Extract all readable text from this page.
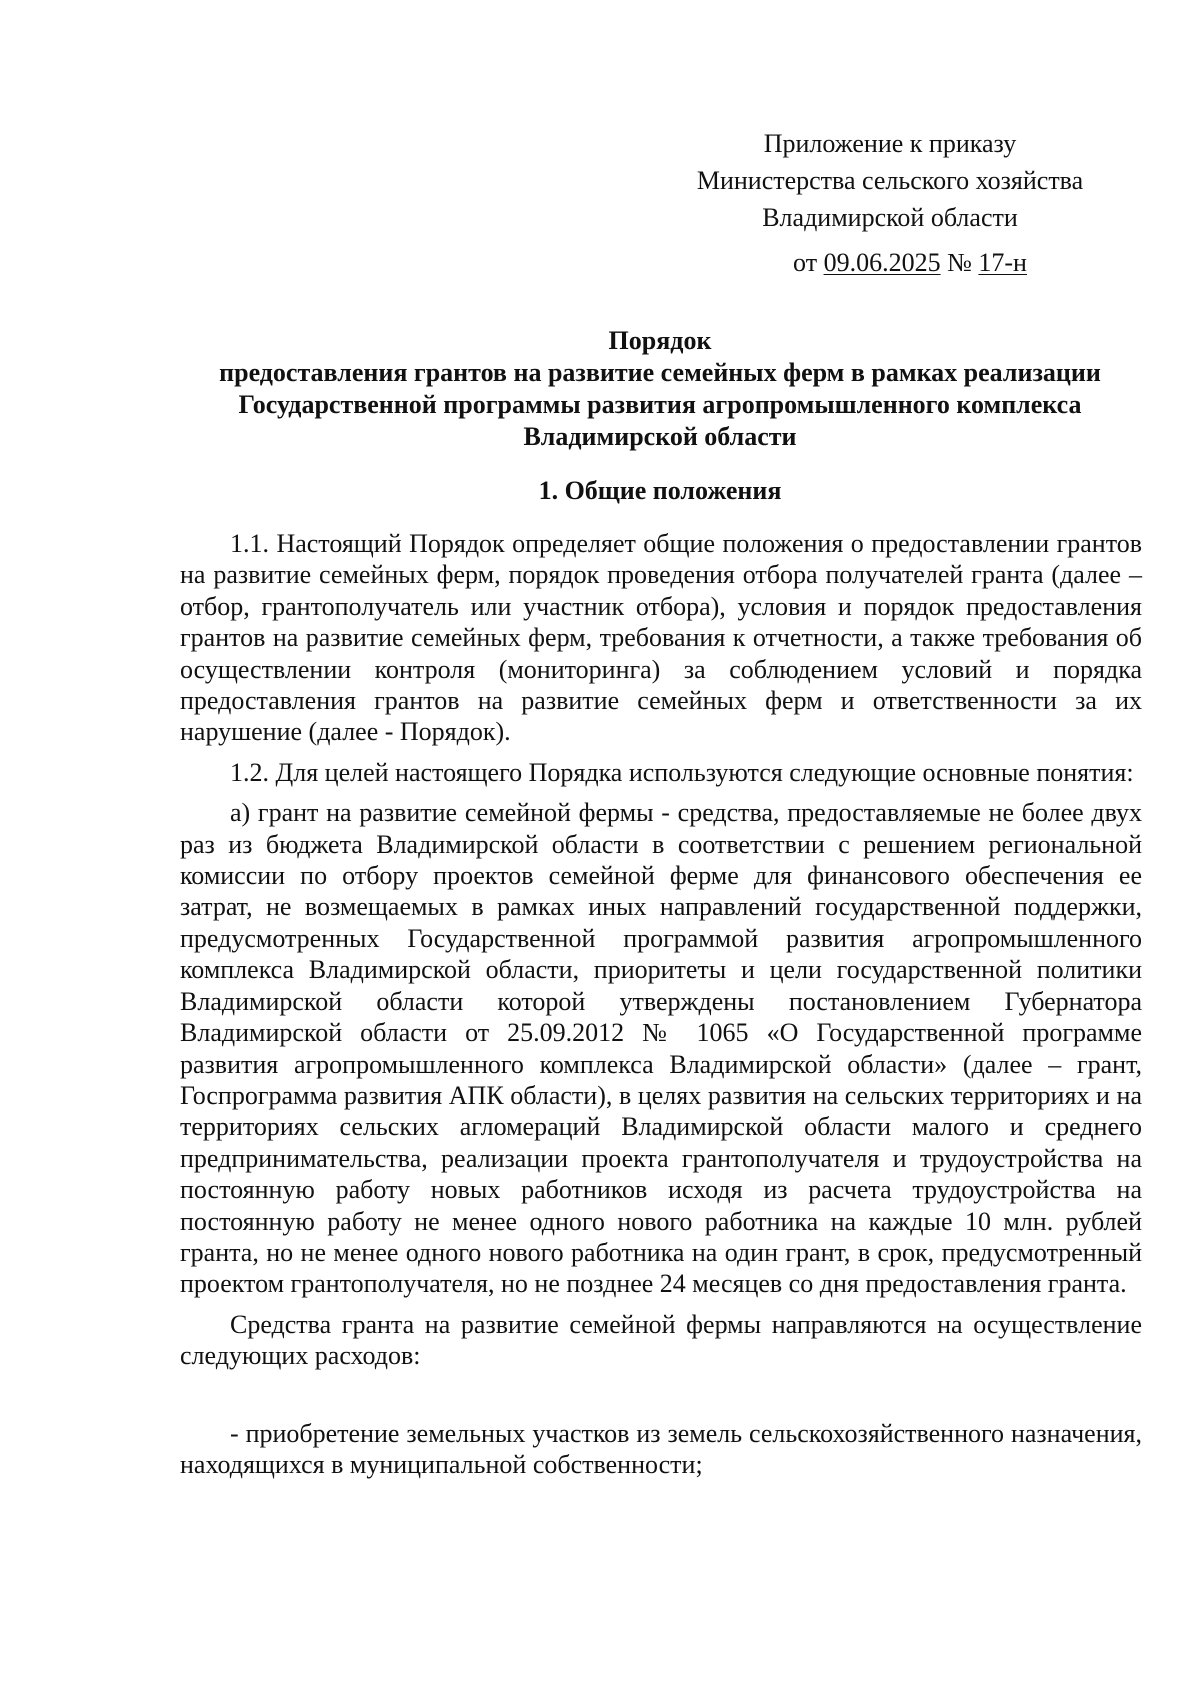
Приложение к приказу
Министерства сельского хозяйства
Владимирской области
от 09.06.2025 № 17-н
Порядок
предоставления грантов на развитие семейных ферм в рамках реализации
Государственной программы развития агропромышленного комплекса
Владимирской области
1. Общие положения

1.1. Настоящий Порядок определяет общие положения о предоставлении грантов на развитие семейных ферм, порядок проведения отбора получателей гранта (далее – отбор, грантополучатель или участник отбора), условия и порядок предоставления грантов на развитие семейных ферм, требования к отчетности, а также требования об осуществлении контроля (мониторинга) за соблюдением условий и порядка предоставления грантов на развитие семейных ферм и ответственности за их нарушение (далее - Порядок).

1.2. Для целей настоящего Порядка используются следующие основные понятия:

а) грант на развитие семейной фермы - средства, предоставляемые не более двух раз из бюджета Владимирской области в соответствии с решением региональной комиссии по отбору проектов семейной ферме для финансового обеспечения ее затрат, не возмещаемых в рамках иных направлений государственной поддержки, предусмотренных Государственной программой развития агропромышленного комплекса Владимирской области, приоритеты и цели государственной политики Владимирской области которой утверждены постановлением Губернатора Владимирской области от 25.09.2012 № 1065 «О Государственной программе развития агропромышленного комплекса Владимирской области» (далее – грант, Госпрограмма развития АПК области), в целях развития на сельских территориях и на территориях сельских агломераций Владимирской области малого и среднего предпринимательства, реализации проекта грантополучателя и трудоустройства на постоянную работу новых работников исходя из расчета трудоустройства на постоянную работу не менее одного нового работника на каждые 10 млн. рублей гранта, но не менее одного нового работника на один грант, в срок, предусмотренный проектом грантополучателя, но не позднее 24 месяцев со дня предоставления гранта.

Средства гранта на развитие семейной фермы направляются на осуществление следующих расходов:

- приобретение земельных участков из земель сельскохозяйственного назначения, находящихся в муниципальной собственности;
